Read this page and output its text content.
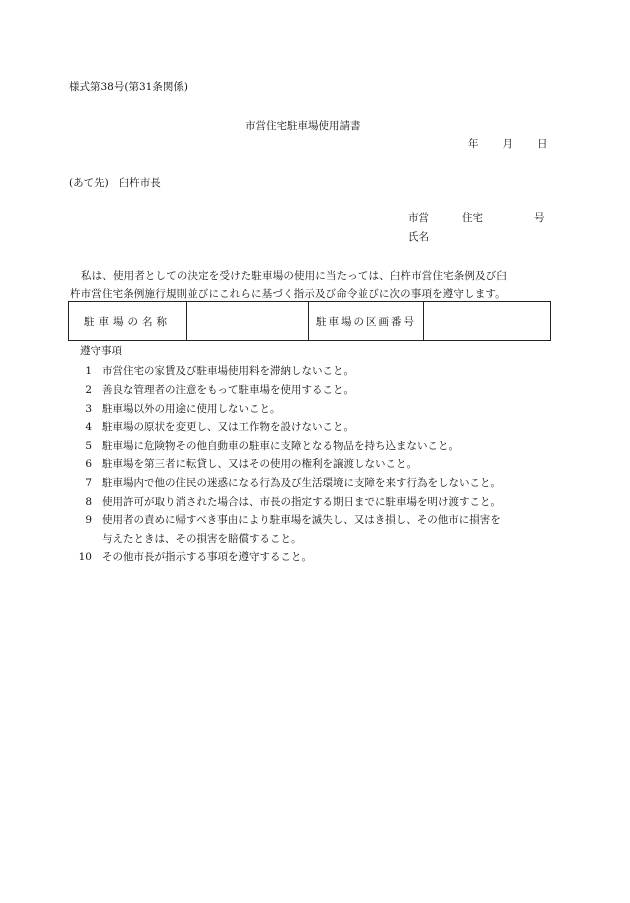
様式第38号(第31条関係)
市営住宅駐車場使用請書
年 月 日
(あて先) 臼杵市長
市営	住宅	号
氏名
私は、使用者としての決定を受けた駐車場の使用に当たっては、臼杵市営住宅条例及び臼
杵市営住宅条例施行規則並びにこれらに基づく指示及び命令並びに次の事項を遵守します。
駐車場の名称		駐車場の区画番号	
遵守事項
1 市営住宅の家賃及び駐車場使用料を滞納しないこと。
2 善良な管理者の注意をもって駐車場を使用すること。
3 駐車場以外の用途に使用しないこと。
4 駐車場の原状を変更し、又は工作物を設けないこと。
5 駐車場に危険物その他自動車の駐車に支障となる物品を持ち込まないこと。
6 駐車場を第三者に転貸し、又はその使用の権利を譲渡しないこと。
7 駐車場内で他の住民の迷惑になる行為及び生活環境に支障を来す行為をしないこと。
8 使用許可が取り消された場合は、市長の指定する期日までに駐車場を明け渡すこと。
9 使用者の責めに帰すべき事由により駐車場を滅失し、又はき損し、その他市に損害を
与えたときは、その損害を賠償すること。
10 その他市長が指示する事項を遵守すること。
